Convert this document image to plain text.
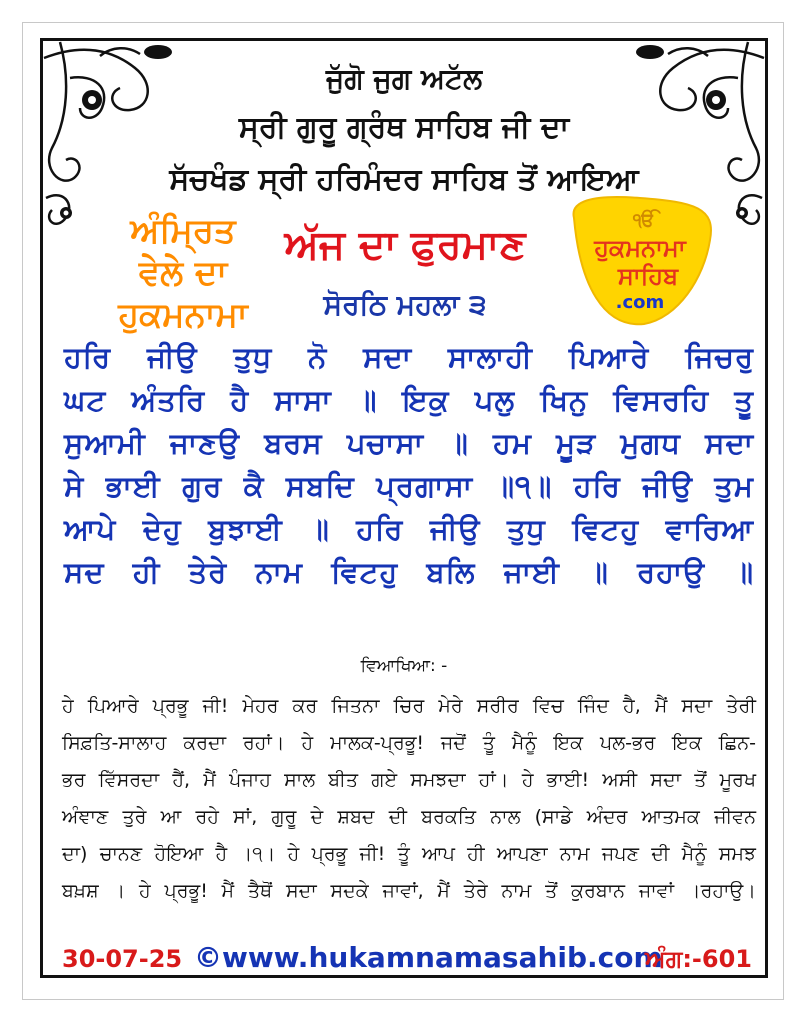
ਜੁੱਗੋ ਜੁਗ ਅਟੱਲ
ਸ੍ਰੀ ਗੁਰੂ ਗ੍ਰੰਥ ਸਾਹਿਬ ਜੀ ਦਾ
ਸੱਚਖੰਡ ਸ੍ਰੀ ਹਰਿਮੰਦਰ ਸਾਹਿਬ ਤੋਂ ਆਇਆ
ਅੰਮ੍ਰਿਤ
ਵੇਲੇ ਦਾ
ਹੁਕਮਨਾਮਾ
ਅੱਜ ਦਾ ਫੁਰਮਾਣ
ਸੋਰਠਿ ਮਹਲਾ ੩
ੴ
ਹੁਕਮਨਾਮਾ
ਸਾਹਿਬ
.com
ਹਰਿ ਜੀਉ ਤੁਧੁ ਨੋ ਸਦਾ ਸਾਲਾਹੀ ਪਿਆਰੇ ਜਿਚਰੁ
ਘਟ ਅੰਤਰਿ ਹੈ ਸਾਸਾ ॥ ਇਕੁ ਪਲੁ ਖਿਨੁ ਵਿਸਰਹਿ ਤੂ
ਸੁਆਮੀ ਜਾਣਉ ਬਰਸ ਪਚਾਸਾ ॥ ਹਮ ਮੂੜ ਮੁਗਧ ਸਦਾ
ਸੇ ਭਾਈ ਗੁਰ ਕੈ ਸਬਦਿ ਪ੍ਰਗਾਸਾ ॥੧॥ ਹਰਿ ਜੀਉ ਤੁਮ
ਆਪੇ ਦੇਹੁ ਬੁਝਾਈ ॥ ਹਰਿ ਜੀਉ ਤੁਧੁ ਵਿਟਹੁ ਵਾਰਿਆ
ਸਦ ਹੀ ਤੇਰੇ ਨਾਮ ਵਿਟਹੁ ਬਲਿ ਜਾਈ ॥ ਰਹਾਉ ॥
ਵਿਆਖਿਆ: -
ਹੇ ਪਿਆਰੇ ਪ੍ਰਭੂ ਜੀ! ਮੇਹਰ ਕਰ ਜਿਤਨਾ ਚਿਰ ਮੇਰੇ ਸਰੀਰ ਵਿਚ ਜਿੰਦ ਹੈ, ਮੈਂ ਸਦਾ ਤੇਰੀ
ਸਿਫ਼ਤਿ-ਸਾਲਾਹ ਕਰਦਾ ਰਹਾਂ। ਹੇ ਮਾਲਕ-ਪ੍ਰਭੂ! ਜਦੋਂ ਤੂੰ ਮੈਨੂੰ ਇਕ ਪਲ-ਭਰ ਇਕ ਛਿਨ-
ਭਰ ਵਿੱਸਰਦਾ ਹੈਂ, ਮੈਂ ਪੰਜਾਹ ਸਾਲ ਬੀਤ ਗਏ ਸਮਝਦਾ ਹਾਂ। ਹੇ ਭਾਈ! ਅਸੀ ਸਦਾ ਤੋਂ ਮੂਰਖ
ਅੰਞਾਣ ਤੁਰੇ ਆ ਰਹੇ ਸਾਂ, ਗੁਰੂ ਦੇ ਸ਼ਬਦ ਦੀ ਬਰਕਤਿ ਨਾਲ (ਸਾਡੇ ਅੰਦਰ ਆਤਮਕ ਜੀਵਨ
ਦਾ) ਚਾਨਣ ਹੋਇਆ ਹੈ ।੧। ਹੇ ਪ੍ਰਭੂ ਜੀ! ਤੂੰ ਆਪ ਹੀ ਆਪਣਾ ਨਾਮ ਜਪਣ ਦੀ ਮੈਨੂੰ ਸਮਝ
ਬਖ਼ਸ਼ । ਹੇ ਪ੍ਰਭੂ! ਮੈਂ ਤੈਥੋਂ ਸਦਾ ਸਦਕੇ ਜਾਵਾਂ, ਮੈਂ ਤੇਰੇ ਨਾਮ ਤੋਂ ਕੁਰਬਾਨ ਜਾਵਾਂ ।ਰਹਾਉ।
30-07-25 ©www.hukamnamasahib.com
ਅੰਗ:-601
